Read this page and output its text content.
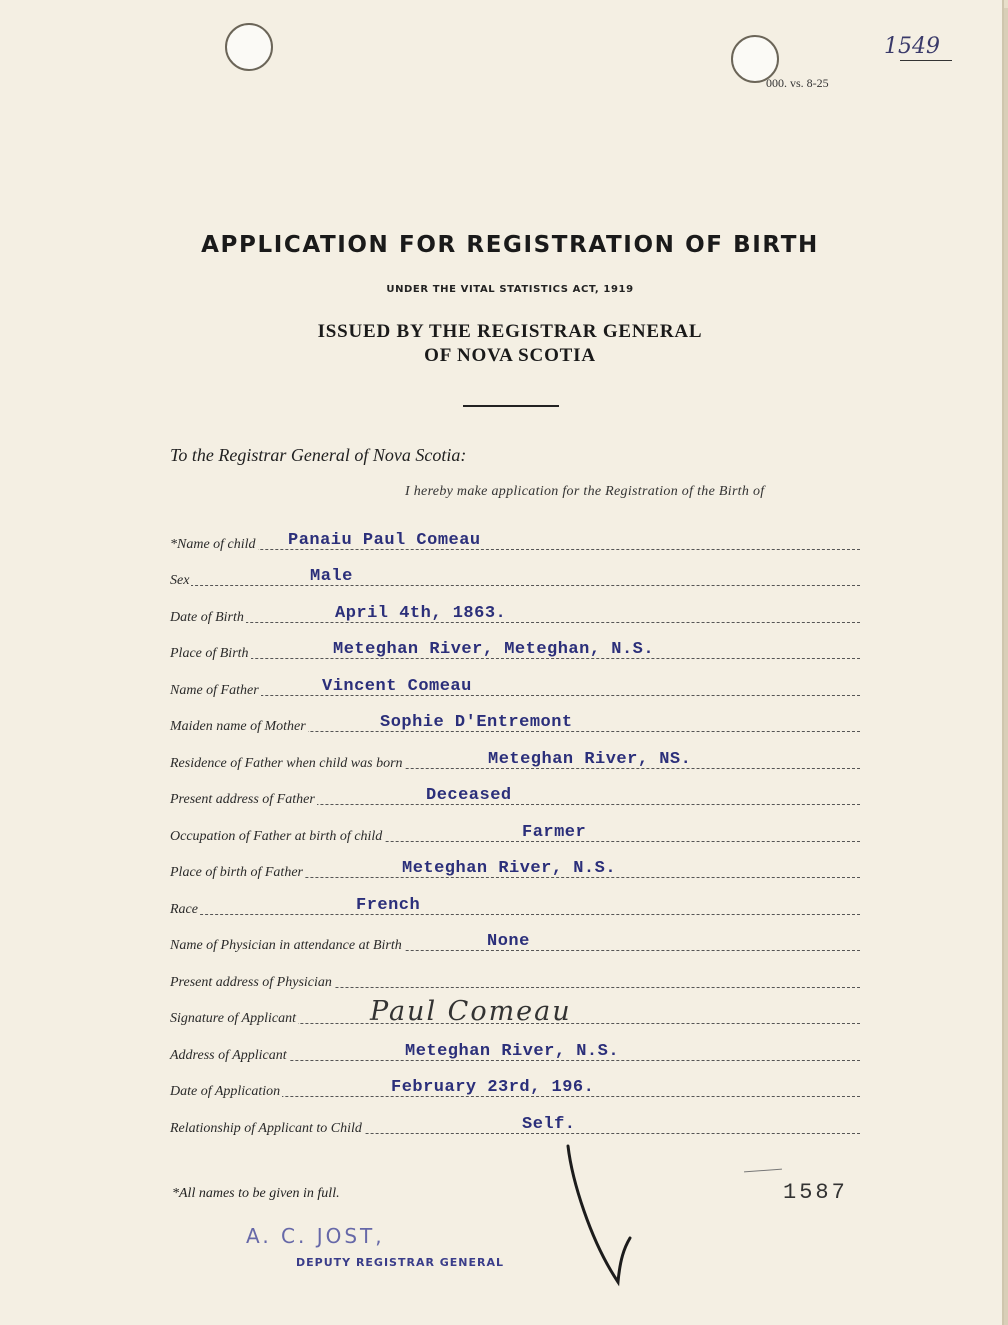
000. vs. 8-25
1549
APPLICATION FOR REGISTRATION OF BIRTH
UNDER THE VITAL STATISTICS ACT, 1919
ISSUED BY THE REGISTRAR GENERAL
OF NOVA SCOTIA
To the Registrar General of Nova Scotia:
I hereby make application for the Registration of the Birth of
*Name of child Panaiu Paul Comeau
Sex	Male
Date of Birth	April 4th, 1863.
Place of Birth	Meteghan River, Meteghan, N.S.
Name of Father	Vincent Comeau
Maiden name of Mother	Sophie D'Entremont
Residence of Father when child was born	Meteghan River, NS.
Present address of Father	Deceased
Occupation of Father at birth of child	Farmer
Place of birth of Father	Meteghan River, N.S.
Race	French
Name of Physician in attendance at Birth	None
Present address of Physician
Signature of Applicant	Paul Comeau
Address of Applicant	Meteghan River, N.S.
Date of Application	February 23rd, 196.
Relationship of Applicant to Child	Self.
*All names to be given in full.	1587
A. C. JOST,
DEPUTY REGISTRAR GENERAL
